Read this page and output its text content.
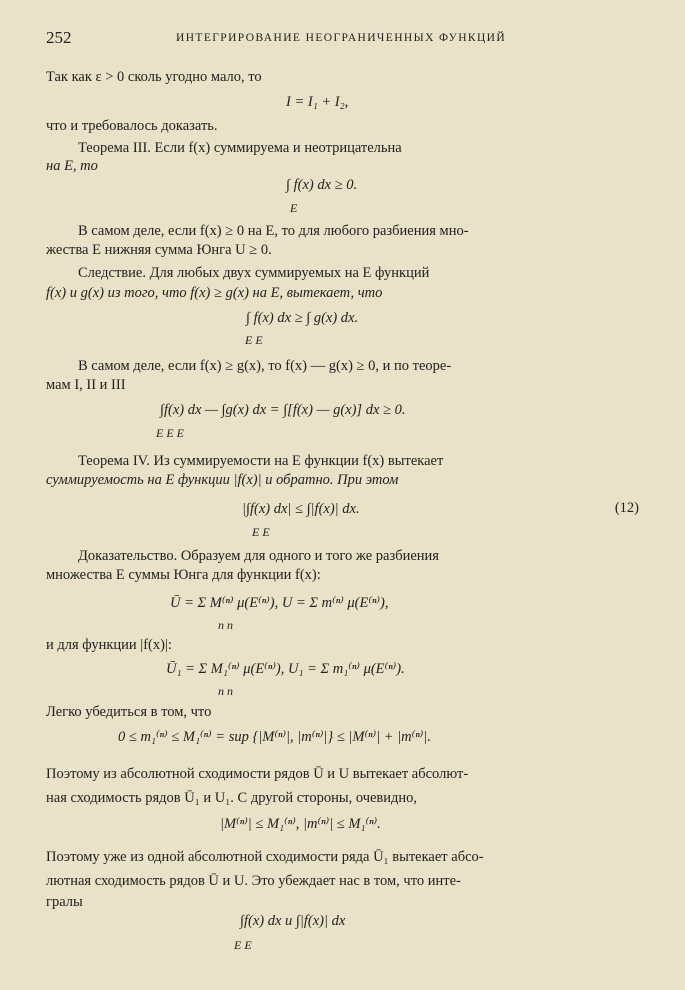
252	ИНТЕГРИРОВАНИЕ НЕОГРАНИЧЕННЫХ ФУНКЦИЙ
Так как ε > 0 сколь угодно мало, то
I = I₁ + I₂,
что и требовалось доказать.
Теорема III. Если f(x) суммируема и неотрицательна
на E, то
∫ f(x) dx ≥ 0.
E
В самом деле, если f(x) ≥ 0 на E, то для любого разбиения мно-
жества E нижняя сумма Юнга U ≥ 0.
Следствие. Для любых двух суммируемых на E функций
f(x) и g(x) из того, что f(x) ≥ g(x) на E, вытекает, что
∫ f(x) dx ≥ ∫ g(x) dx.
E E
В самом деле, если f(x) ≥ g(x), то f(x) — g(x) ≥ 0, и по теоре-
мам I, II и III
∫f(x) dx — ∫g(x) dx = ∫[f(x) — g(x)] dx ≥ 0.
E E E
Теорема IV. Из суммируемости на E функции f(x) вытекает
суммируемость на E функции |f(x)| и обратно. При этом
|∫f(x) dx| ≤ ∫|f(x)| dx.	(12)
E E
Доказательство. Образуем для одного и того же разбиения
множества E суммы Юнга для функции f(x):
Ū = Σ M⁽ⁿ⁾ μ(E⁽ⁿ⁾), U = Σ m⁽ⁿ⁾ μ(E⁽ⁿ⁾),
n n
и для функции |f(x)|:
Ū₁ = Σ M₁⁽ⁿ⁾ μ(E⁽ⁿ⁾), U₁ = Σ m₁⁽ⁿ⁾ μ(E⁽ⁿ⁾).
n n
Легко убедиться в том, что
0 ≤ m₁⁽ⁿ⁾ ≤ M₁⁽ⁿ⁾ = sup {|M⁽ⁿ⁾|, |m⁽ⁿ⁾|} ≤ |M⁽ⁿ⁾| + |m⁽ⁿ⁾|.
Поэтому из абсолютной сходимости рядов Ū и U вытекает абсолют-
ная сходимость рядов Ū₁ и U₁. С другой стороны, очевидно,
|M⁽ⁿ⁾| ≤ M₁⁽ⁿ⁾, |m⁽ⁿ⁾| ≤ M₁⁽ⁿ⁾.
Поэтому уже из одной абсолютной сходимости ряда Ū₁ вытекает абсо-
лютная сходимость рядов Ū и U. Это убеждает нас в том, что инте-
гралы
∫f(x) dx и ∫|f(x)| dx
E E
